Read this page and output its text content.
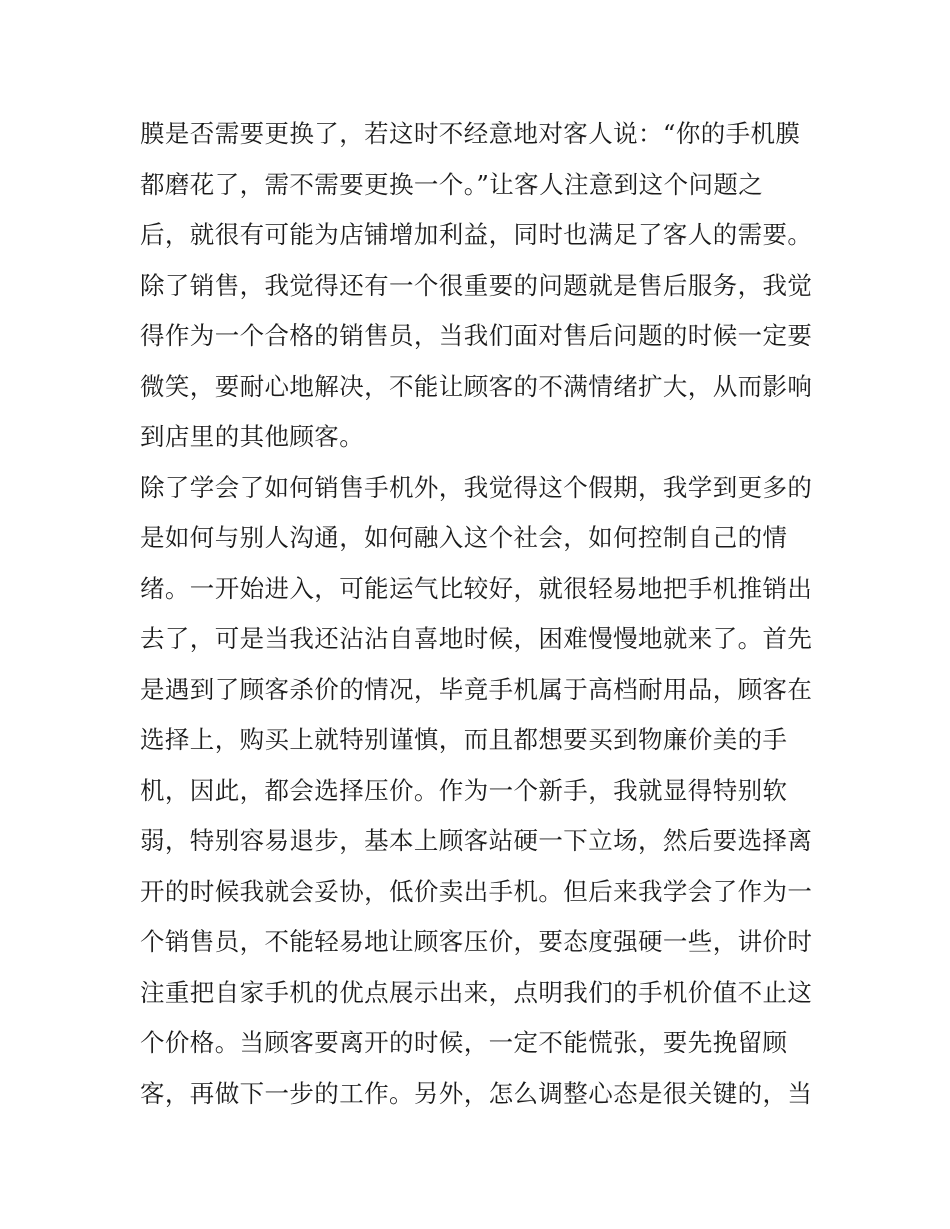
膜是否需要更换了，若这时不经意地对客人说：“你的手机膜
都磨花了，需不需要更换一个。”让客人注意到这个问题之
后，就很有可能为店铺增加利益，同时也满足了客人的需要。
除了销售，我觉得还有一个很重要的问题就是售后服务，我觉
得作为一个合格的销售员，当我们面对售后问题的时候一定要
微笑，要耐心地解决，不能让顾客的不满情绪扩大，从而影响
到店里的其他顾客。
除了学会了如何销售手机外，我觉得这个假期，我学到更多的
是如何与别人沟通，如何融入这个社会，如何控制自己的情
绪。一开始进入，可能运气比较好，就很轻易地把手机推销出
去了，可是当我还沾沾自喜地时候，困难慢慢地就来了。首先
是遇到了顾客杀价的情况，毕竟手机属于高档耐用品，顾客在
选择上，购买上就特别谨慎，而且都想要买到物廉价美的手
机，因此，都会选择压价。作为一个新手，我就显得特别软
弱，特别容易退步，基本上顾客站硬一下立场，然后要选择离
开的时候我就会妥协，低价卖出手机。但后来我学会了作为一
个销售员，不能轻易地让顾客压价，要态度强硬一些，讲价时
注重把自家手机的优点展示出来，点明我们的手机价值不止这
个价格。当顾客要离开的时候，一定不能慌张，要先挽留顾
客，再做下一步的工作。另外，怎么调整心态是很关键的，当
